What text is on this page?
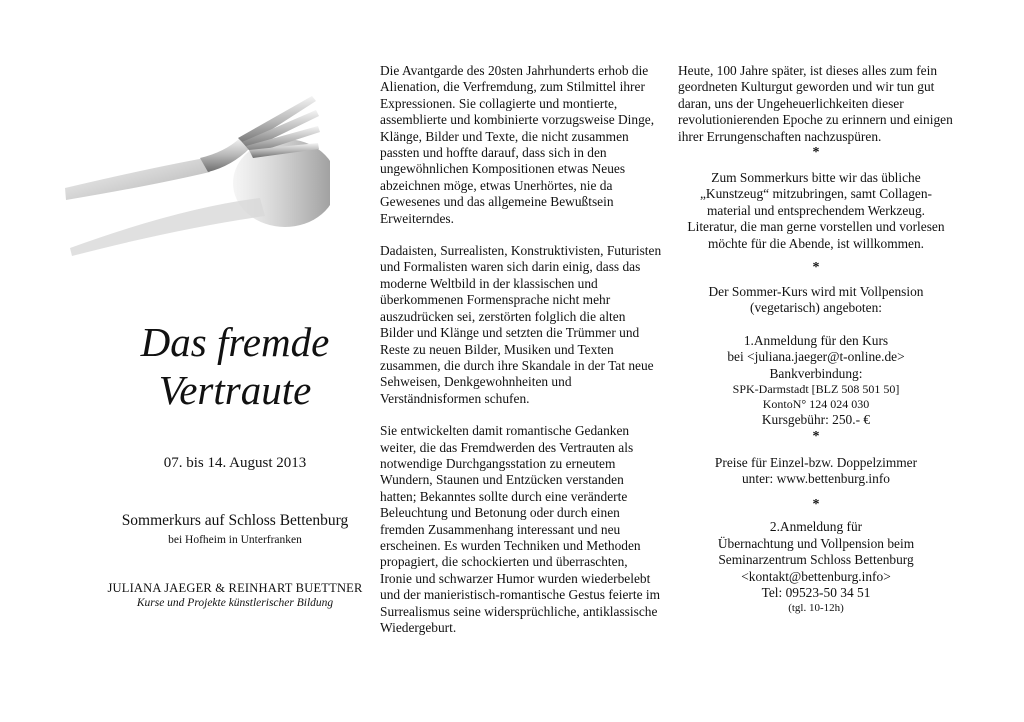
Das fremde
Vertraute
07. bis 14. August 2013
Sommerkurs auf Schloss Bettenburg
bei Hofheim in Unterfranken
JULIANA JAEGER & REINHART BUETTNER
Kurse und Projekte künstlerischer Bildung

Die Avantgarde des 20sten Jahrhunderts erhob die Alienation, die Verfremdung, zum Stilmittel ihrer Expressionen. Sie collagierte und montierte, assemblierte und kombinierte vorzugsweise Dinge, Klänge, Bilder und Texte, die nicht zusammen passten und hoffte darauf, dass sich in den ungewöhnlichen Kompositionen etwas Neues abzeichnen möge, etwas Unerhörtes, nie da Gewesenes und das allgemeine Bewußtsein Erweiterndes.

Dadaisten, Surrealisten, Konstruktivisten, Futuristen und Formalisten waren sich darin einig, dass das moderne Weltbild in der klassischen und überkommenen Formensprache nicht mehr auszudrücken sei, zerstörten folglich die alten Bilder und Klänge und setzten die Trümmer und Reste zu neuen Bilder, Musiken und Texten zusammen, die durch ihre Skandale in der Tat neue Sehweisen, Denkgewohnheiten und Verständnisformen schufen.

Sie entwickelten damit romantische Gedanken weiter, die das Fremdwerden des Vertrauten als notwendige Durchgangsstation zu erneutem Wundern, Staunen und Entzücken verstanden hatten; Bekanntes sollte durch eine veränderte Beleuchtung und Betonung oder durch einen fremden Zusammenhang interessant und neu erscheinen. Es wurden Techniken und Methoden propagiert, die schockierten und überraschten, Ironie und schwarzer Humor wurden wiederbelebt und der manieristisch-romantische Gestus feierte im Surrealismus seine widersprüchliche, antiklassische Wiedergeburt.

Heute, 100 Jahre später, ist dieses alles zum fein geordneten Kulturgut geworden und wir tun gut daran, uns der Ungeheuerlichkeiten dieser revolutionierenden Epoche zu erinnern und einigen ihrer Errungenschaften nachzuspüren.

*

Zum Sommerkurs bitte wir das übliche

„Kunstzeug“ mitzubringen, samt Collagen-

material und entsprechendem Werkzeug.

Literatur, die man gerne vorstellen und vorlesen

möchte für die Abende, ist willkommen.

*

Der Sommer-Kurs wird mit Vollpension

(vegetarisch) angeboten:

1.Anmeldung für den Kurs

bei <juliana.jaeger@t-online.de>

Bankverbindung:

SPK-Darmstadt [BLZ 508 501 50]

KontoN° 124 024 030

Kursgebühr: 250.- €

*

Preise für Einzel-bzw. Doppelzimmer

unter: www.bettenburg.info

*

2.Anmeldung für

Übernachtung und Vollpension beim

Seminarzentrum Schloss Bettenburg

<kontakt@bettenburg.info>

Tel: 09523-50 34 51

(tgl. 10-12h)
